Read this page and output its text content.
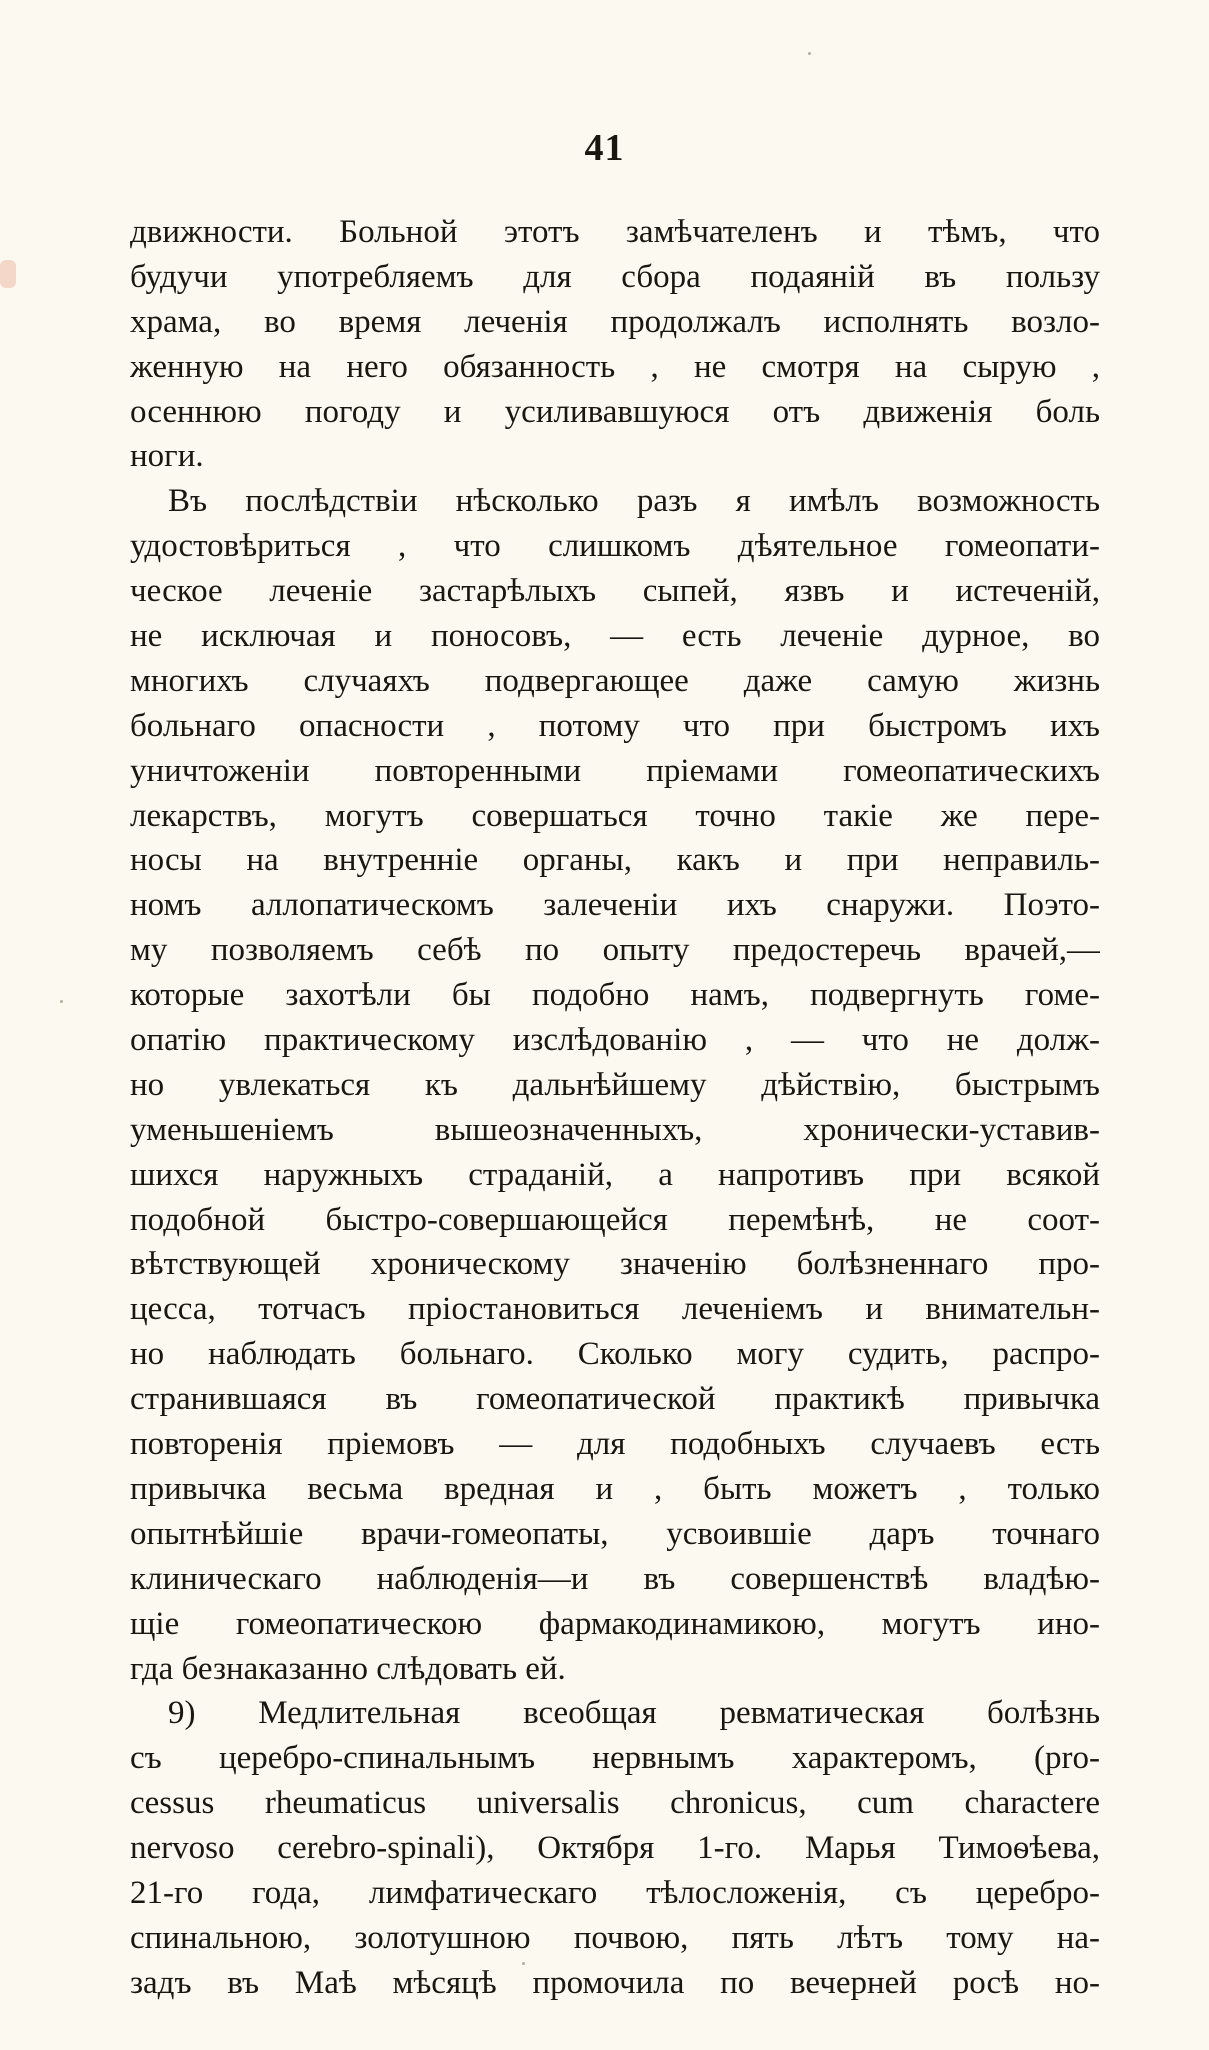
41
движности. Больной этотъ замѣчателенъ и тѣмъ, что
будучи употребляемъ для сбора подаяній въ пользу
храма, во время леченія продолжалъ исполнять возло-
женную на него обязанность , не смотря на сырую ,
осеннюю погоду и усиливавшуюся отъ движенія боль
ноги.
Въ послѣдствіи нѣсколько разъ я имѣлъ возможность
удостовѣриться , что слишкомъ дѣятельное гомеопати-
ческое леченіе застарѣлыхъ сыпей, язвъ и истеченій,
не исключая и поносовъ, — есть леченіе дурное, во
многихъ случаяхъ подвергающее даже самую жизнь
больнаго опасности , потому что при быстромъ ихъ
уничтоженіи повторенными пріемами гомеопатическихъ
лекарствъ, могутъ совершаться точно такіе же пере-
носы на внутренніе органы, какъ и при неправиль-
номъ аллопатическомъ залеченіи ихъ снаружи. Поэто-
му позволяемъ себѣ по опыту предостеречь врачей,—
которые захотѣли бы подобно намъ, подвергнуть гоме-
опатію практическому изслѣдованію , — что не долж-
но увлекаться къ дальнѣйшему дѣйствію, быстрымъ
уменьшеніемъ вышеозначенныхъ, хронически-уставив-
шихся наружныхъ страданій, а напротивъ при всякой
подобной быстро-совершающейся перемѣнѣ, не соот-
вѣтствующей хроническому значенію болѣзненнаго про-
цесса, тотчасъ пріостановиться леченіемъ и внимательн-
но наблюдать больнаго. Сколько могу судить, распро-
странившаяся въ гомеопатической практикѣ привычка
повторенія пріемовъ — для подобныхъ случаевъ есть
привычка весьма вредная и , быть можетъ , только
опытнѣйшіе врачи-гомеопаты, усвоившіе даръ точнаго
клиническаго наблюденія—и въ совершенствѣ владѣю-
щіе гомеопатическою фармакодинамикою, могутъ ино-
гда безнаказанно слѣдовать ей.
9) Медлительная всеобщая ревматическая болѣзнь
съ церебро-спинальнымъ нервнымъ характеромъ, (pro-
cessus rheumaticus universalis chronicus, cum charactere
nervoso cerebro-spinali), Октября 1-го. Марья Тимоѳѣева,
21-го года, лимфатическаго тѣлосложенія, съ церебро-
спинальною, золотушною почвою, пять лѣтъ тому на-
задъ въ Маѣ мѣсяцѣ промочила по вечерней росѣ но-
